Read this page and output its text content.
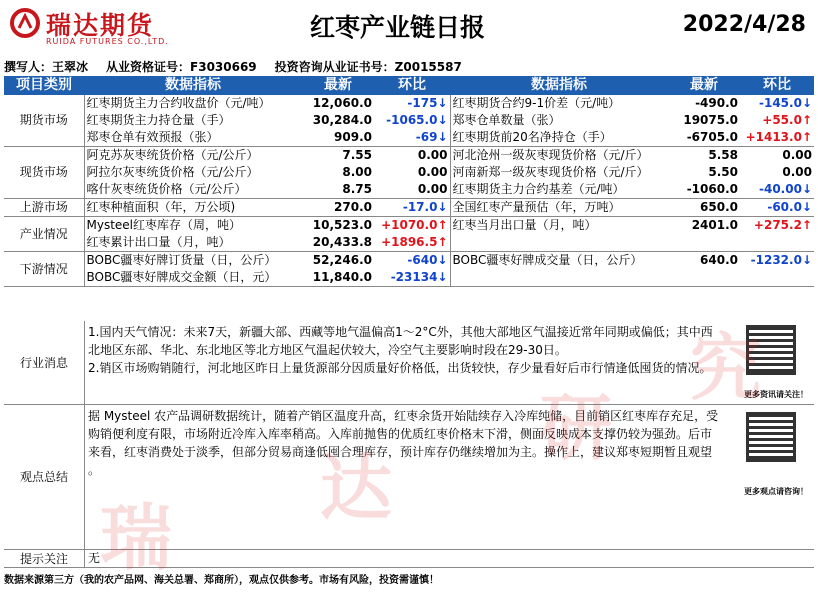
瑞达期货
RUIDA FUTURES CO.,LTD.	红枣产业链日报	2022/4/28
撰写人：王翠冰 从业资格证号：F3030669 投资咨询从业证书号：Z0015587
项目类别	数据指标	最新	环比	数据指标	最新	环比
期货市场	红枣期货主力合约收盘价（元/吨）	12,060.0	-175↓	红枣期货合约9-1价差（元/吨）	-490.0	-145.0↓
	红枣期货主力持仓量（手）	30,284.0	-1065.0↓	郑枣仓单数量（张）	19075.0	+55.0↑
	郑枣仓单有效预报（张）	909.0	-69↓	红枣期货前20名净持仓（手）	-6705.0	+1413.0↑
现货市场	阿克苏灰枣统货价格（元/公斤）	7.55	0.00	河北沧州一级灰枣现货价格（元/斤）	5.58	0.00
	阿拉尔灰枣统货价格（元/公斤）	8.00	0.00	河南新郑一级灰枣现货价格（元/斤）	5.50	0.00
	喀什灰枣统货价格（元/公斤）	8.75	0.00	红枣期货主力合约基差（元/吨）	-1060.0	-40.00↓
上游市场	红枣种植面积（年，万公顷)	270.0	-17.0↓	全国红枣产量预估（年，万吨）	650.0	-60.0↓
产业情况	Mysteel红枣库存（周，吨）	10,523.0	+1070.0↑	红枣当月出口量（月，吨）	2401.0	+275.2↑
	红枣累计出口量（月，吨）	20,433.8	+1896.5↑			
下游情况	BOBC疆枣好牌订货量（日，公斤）	52,246.0	-640↓	BOBC疆枣好牌成交量（日，公斤）	640.0	-1232.0↓
	BOBC疆枣好牌成交金额（日，元）	11,840.0	-23134↓			
行业消息
1.国内天气情况：未来7天，新疆大部、西藏等地气温偏高1～2°C外，其他大部地区气温接近常年同期或偏低；其中西
北地区东部、华北、东北地区等北方地区气温起伏较大，冷空气主要影响时段在29-30日。
2.销区市场购销随行，河北地区昨日上量货源部分因质量好价格低，出货较快，存少量看好后市行情逢低囤货的情况。
更多资讯请关注！
观点总结
据 Mysteel 农产品调研数据统计，随着产销区温度升高，红枣余货开始陆续存入冷库纯储，目前销区红枣库存充足，受
购销便利度有限，市场附近冷库入库率稍高。入库前抛售的优质红枣价格末下滑，侧面反映成本支撑仍较为强劲。后市
来看，红枣消费处于淡季，但部分贸易商逢低囤合理库存，预计库存仍继续增加为主。操作上，建议郑枣短期暂且观望
。
更多观点请咨询！
提示关注	无
数据来源第三方（我的农产品网、海关总署、郑商所），观点仅供参考。市场有风险，投资需谨慎！
瑞
达
研
究
